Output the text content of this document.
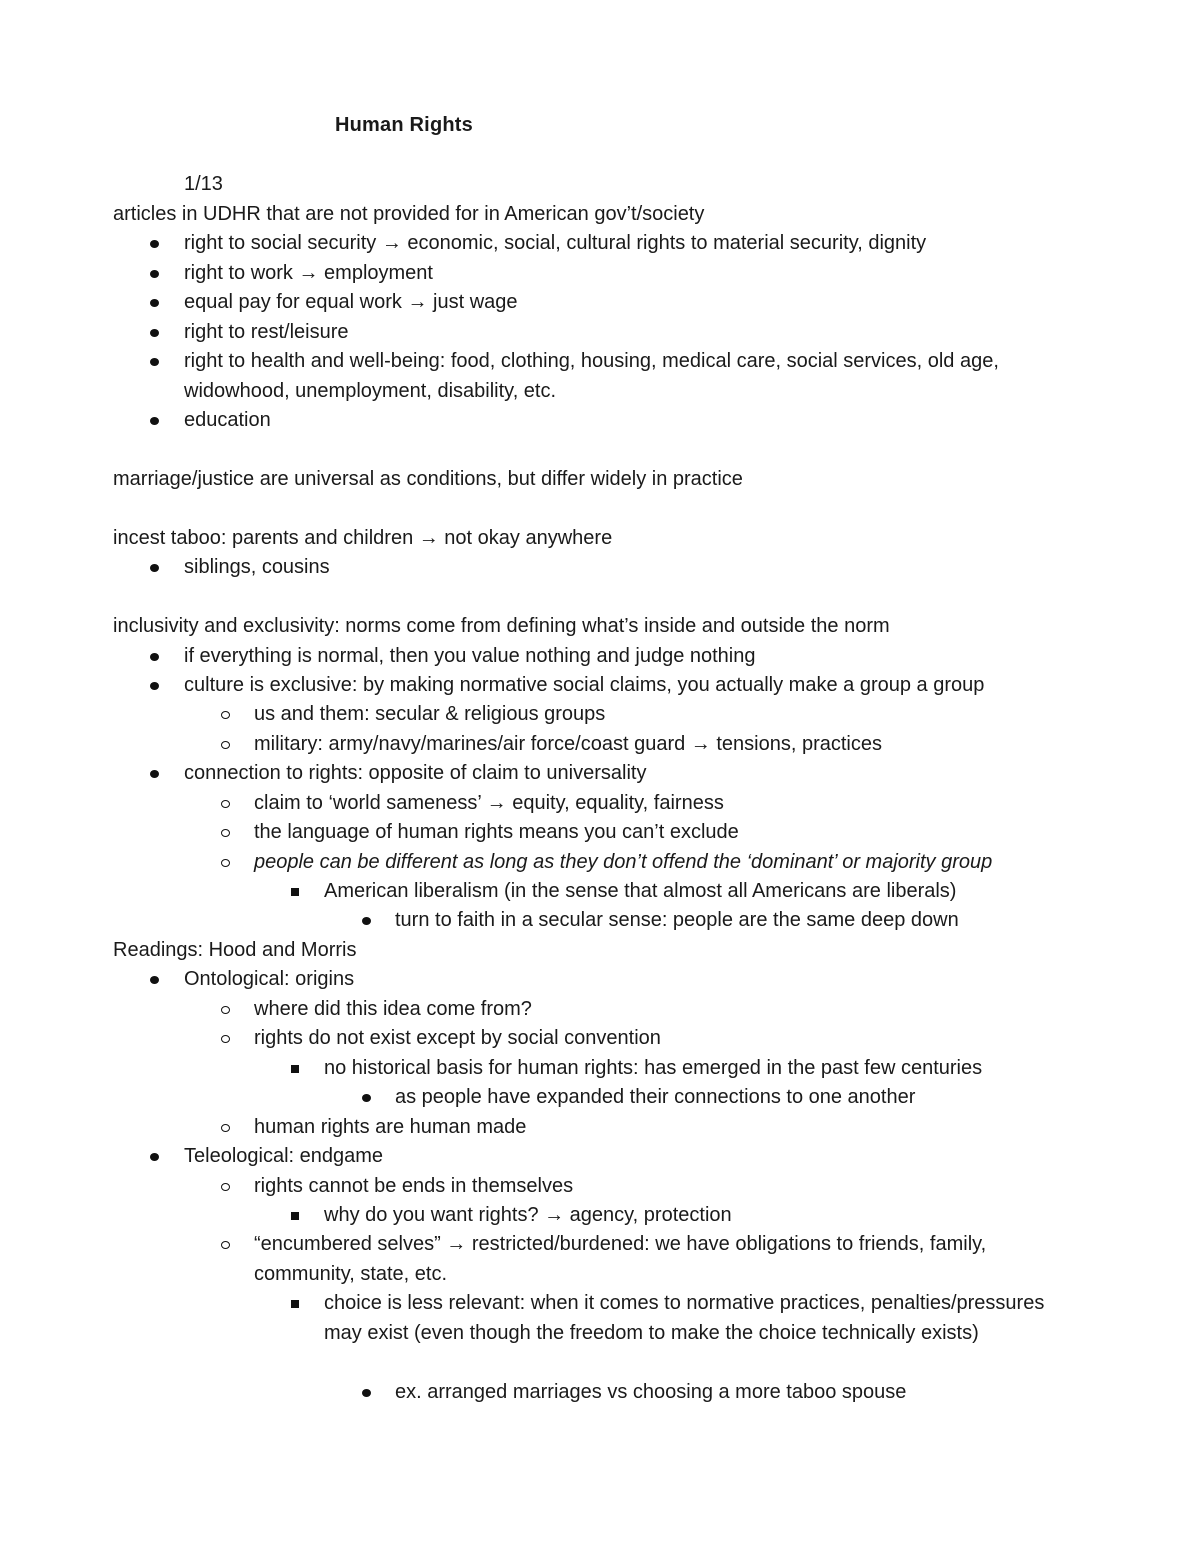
Human Rights
1/13
articles in UDHR that are not provided for in American gov’t/society
right to social security → economic, social, cultural rights to material security, dignity
right to work → employment
equal pay for equal work → just wage
right to rest/leisure
right to health and well-being: food, clothing, housing, medical care, social services, old age, widowhood, unemployment, disability, etc.
education
marriage/justice are universal as conditions, but differ widely in practice
incest taboo: parents and children → not okay anywhere
siblings, cousins
inclusivity and exclusivity: norms come from defining what’s inside and outside the norm
if everything is normal, then you value nothing and judge nothing
culture is exclusive: by making normative social claims, you actually make a group a group
us and them: secular & religious groups
military: army/navy/marines/air force/coast guard → tensions, practices
connection to rights: opposite of claim to universality
claim to ‘world sameness’ → equity, equality, fairness
the language of human rights means you can’t exclude
people can be different as long as they don’t offend the ‘dominant’ or majority group
American liberalism (in the sense that almost all Americans are liberals)
turn to faith in a secular sense: people are the same deep down
Readings: Hood and Morris
Ontological: origins
where did this idea come from?
rights do not exist except by social convention
no historical basis for human rights: has emerged in the past few centuries
as people have expanded their connections to one another
human rights are human made
Teleological: endgame
rights cannot be ends in themselves
why do you want rights? → agency, protection
“encumbered selves” → restricted/burdened: we have obligations to friends, family, community, state, etc.
choice is less relevant: when it comes to normative practices, penalties/pressures may exist (even though the freedom to make the choice technically exists)
ex. arranged marriages vs choosing a more taboo spouse
